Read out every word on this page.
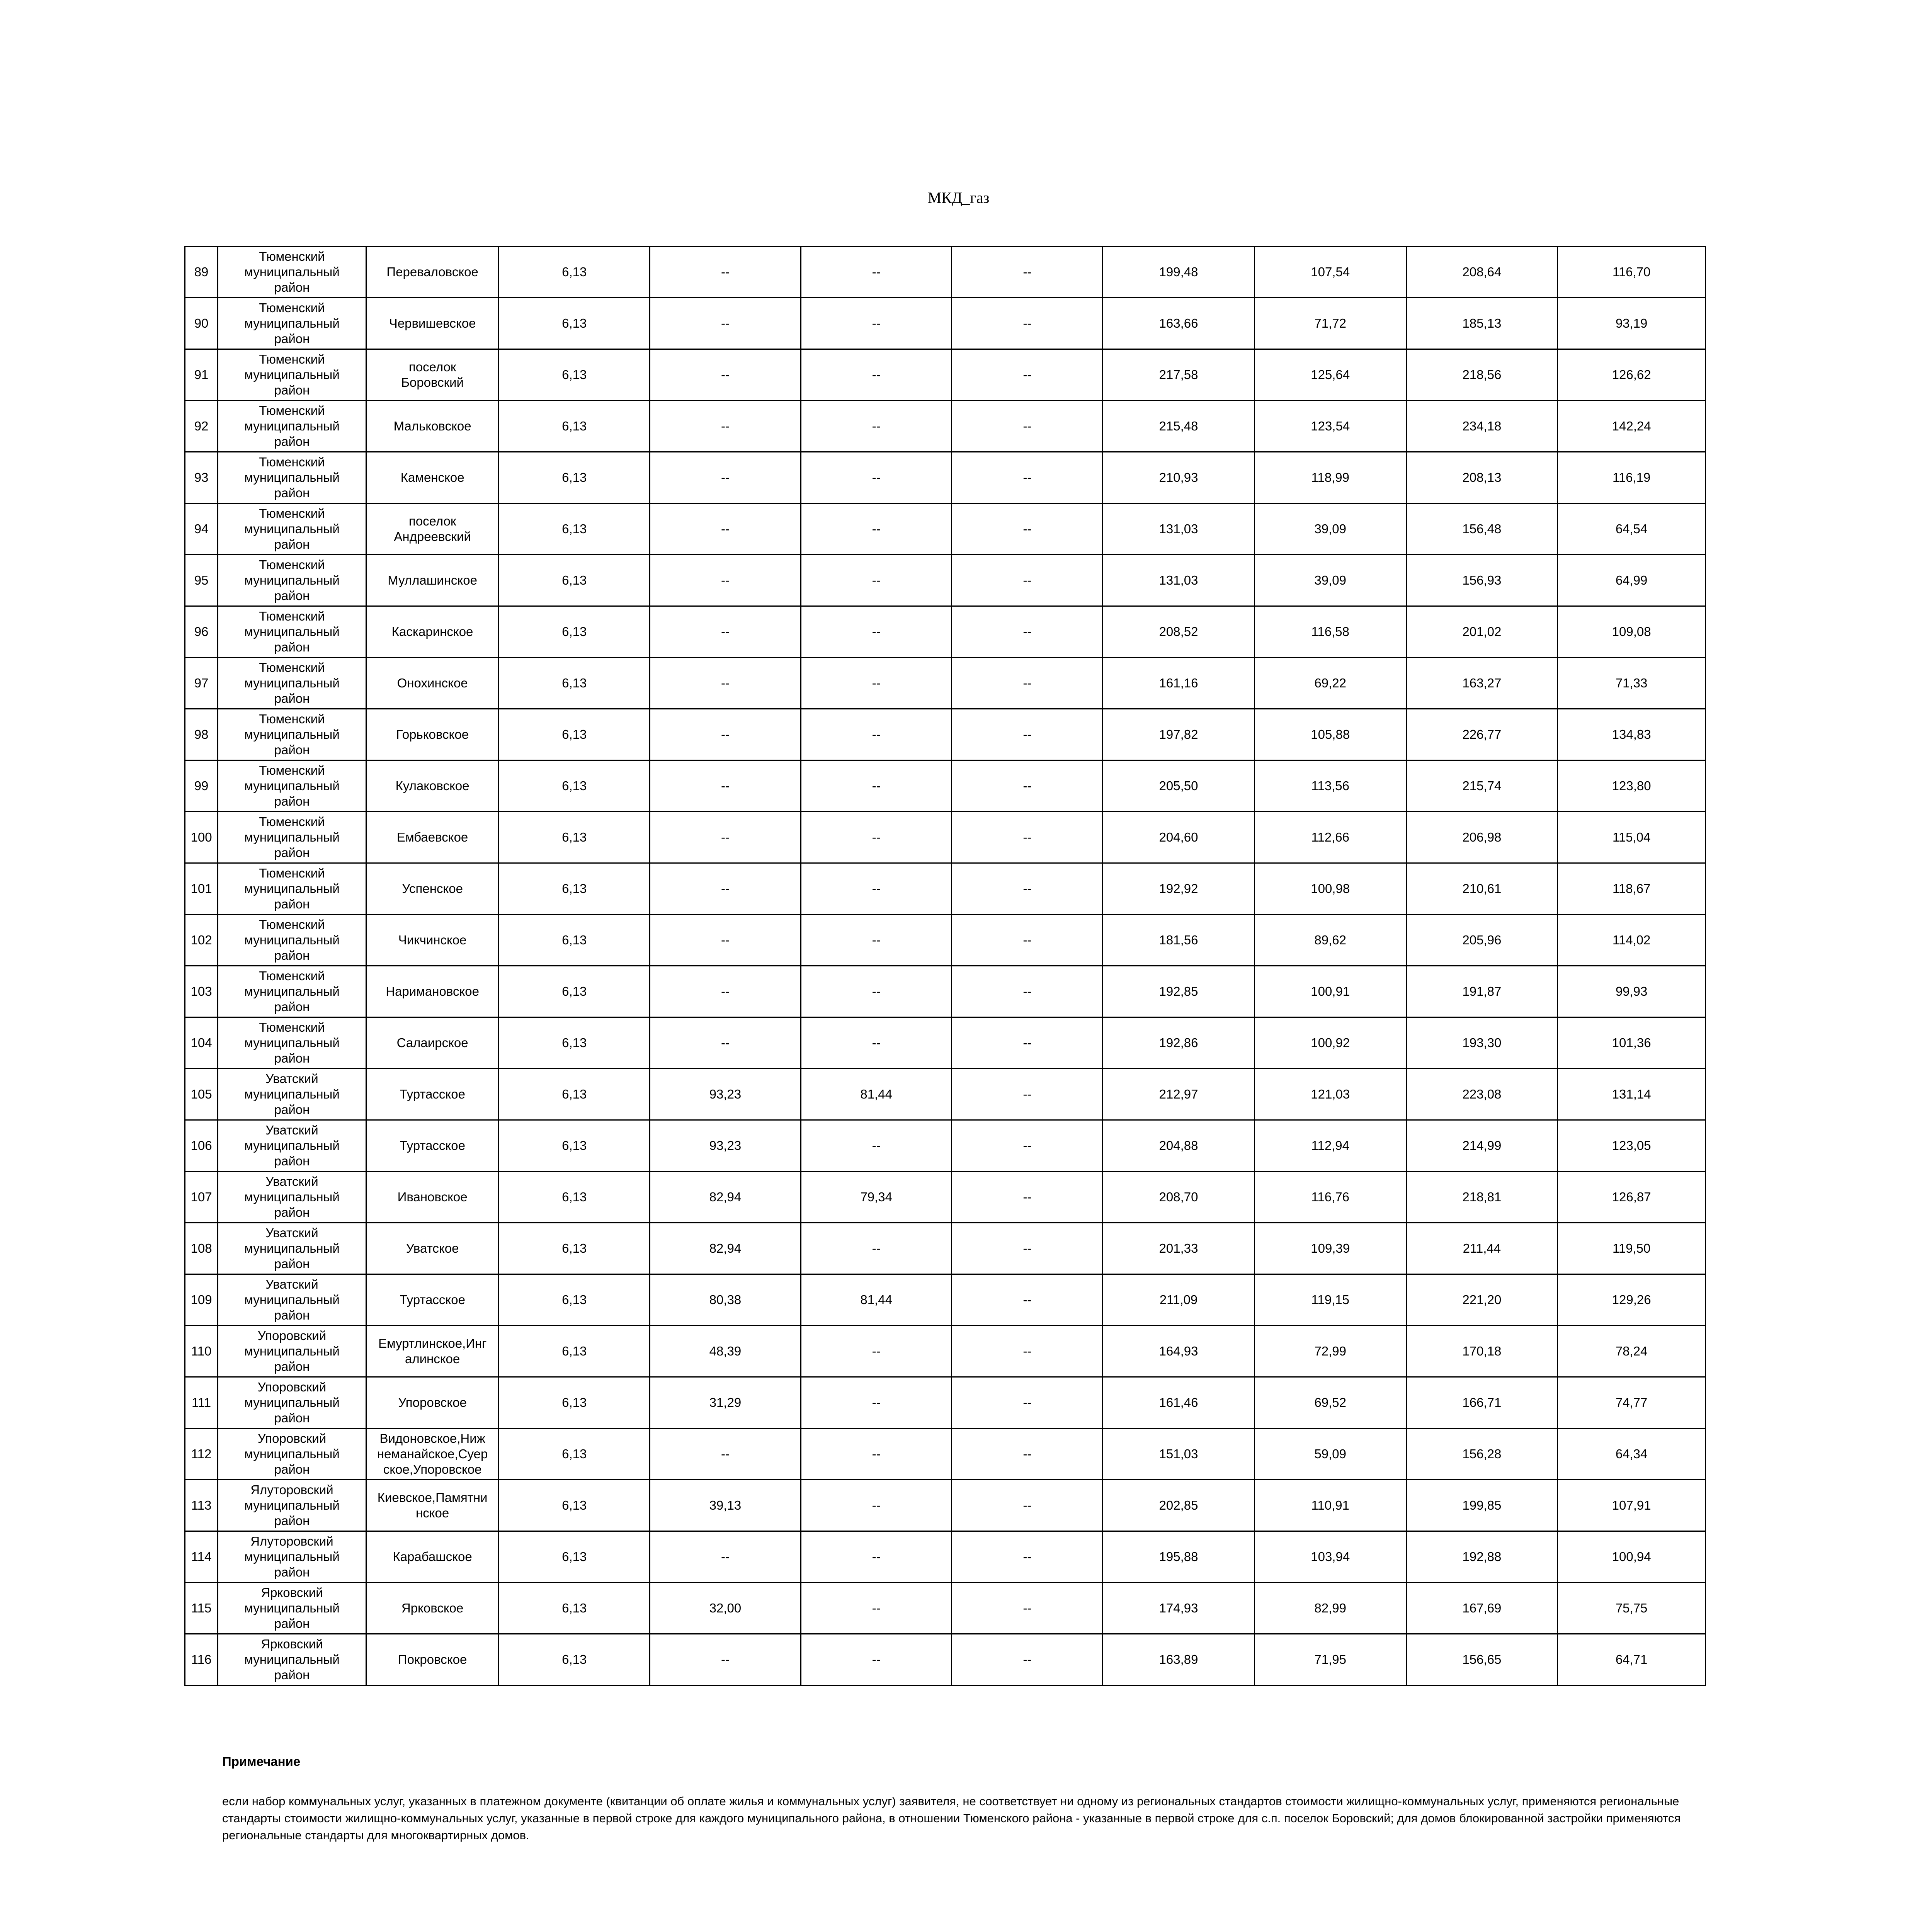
МКД_газ
89	Тюменский
муниципальный
район	Переваловское	6,13	--	--	--	199,48	107,54	208,64	116,70
90	Тюменский
муниципальный
район	Червишевское	6,13	--	--	--	163,66	71,72	185,13	93,19
91	Тюменский
муниципальный
район	поселок
Боровский	6,13	--	--	--	217,58	125,64	218,56	126,62
92	Тюменский
муниципальный
район	Мальковское	6,13	--	--	--	215,48	123,54	234,18	142,24
93	Тюменский
муниципальный
район	Каменское	6,13	--	--	--	210,93	118,99	208,13	116,19
94	Тюменский
муниципальный
район	поселок
Андреевский	6,13	--	--	--	131,03	39,09	156,48	64,54
95	Тюменский
муниципальный
район	Муллашинское	6,13	--	--	--	131,03	39,09	156,93	64,99
96	Тюменский
муниципальный
район	Каскаринское	6,13	--	--	--	208,52	116,58	201,02	109,08
97	Тюменский
муниципальный
район	Онохинское	6,13	--	--	--	161,16	69,22	163,27	71,33
98	Тюменский
муниципальный
район	Горьковское	6,13	--	--	--	197,82	105,88	226,77	134,83
99	Тюменский
муниципальный
район	Кулаковское	6,13	--	--	--	205,50	113,56	215,74	123,80
100	Тюменский
муниципальный
район	Ембаевское	6,13	--	--	--	204,60	112,66	206,98	115,04
101	Тюменский
муниципальный
район	Успенское	6,13	--	--	--	192,92	100,98	210,61	118,67
102	Тюменский
муниципальный
район	Чикчинское	6,13	--	--	--	181,56	89,62	205,96	114,02
103	Тюменский
муниципальный
район	Наримановское	6,13	--	--	--	192,85	100,91	191,87	99,93
104	Тюменский
муниципальный
район	Салаирское	6,13	--	--	--	192,86	100,92	193,30	101,36
105	Уватский
муниципальный
район	Туртасское	6,13	93,23	81,44	--	212,97	121,03	223,08	131,14
106	Уватский
муниципальный
район	Туртасское	6,13	93,23	--	--	204,88	112,94	214,99	123,05
107	Уватский
муниципальный
район	Ивановское	6,13	82,94	79,34	--	208,70	116,76	218,81	126,87
108	Уватский
муниципальный
район	Уватское	6,13	82,94	--	--	201,33	109,39	211,44	119,50
109	Уватский
муниципальный
район	Туртасское	6,13	80,38	81,44	--	211,09	119,15	221,20	129,26
110	Упоровский
муниципальный
район	Емуртлинское,Инг
алинское	6,13	48,39	--	--	164,93	72,99	170,18	78,24
111	Упоровский
муниципальный
район	Упоровское	6,13	31,29	--	--	161,46	69,52	166,71	74,77
112	Упоровский
муниципальный
район	Видоновское,Ниж
неманайское,Суер
ское,Упоровское	6,13	--	--	--	151,03	59,09	156,28	64,34
113	Ялуторовский
муниципальный
район	Киевское,Памятни
нское	6,13	39,13	--	--	202,85	110,91	199,85	107,91
114	Ялуторовский
муниципальный
район	Карабашское	6,13	--	--	--	195,88	103,94	192,88	100,94
115	Ярковский
муниципальный
район	Ярковское	6,13	32,00	--	--	174,93	82,99	167,69	75,75
116	Ярковский
муниципальный
район	Покровское	6,13	--	--	--	163,89	71,95	156,65	64,71
Примечание
если набор коммунальных услуг, указанных в платежном документе (квитанции об оплате жилья и коммунальных услуг) заявителя, не соответствует ни одному из региональных стандартов стоимости жилищно-коммунальных услуг, применяются региональные стандарты стоимости жилищно-коммунальных услуг, указанные в первой строке для каждого муниципального района, в отношении Тюменского района - указанные в первой строке для с.п. поселок Боровский; для домов блокированной застройки применяются региональные стандарты для многоквартирных домов.
